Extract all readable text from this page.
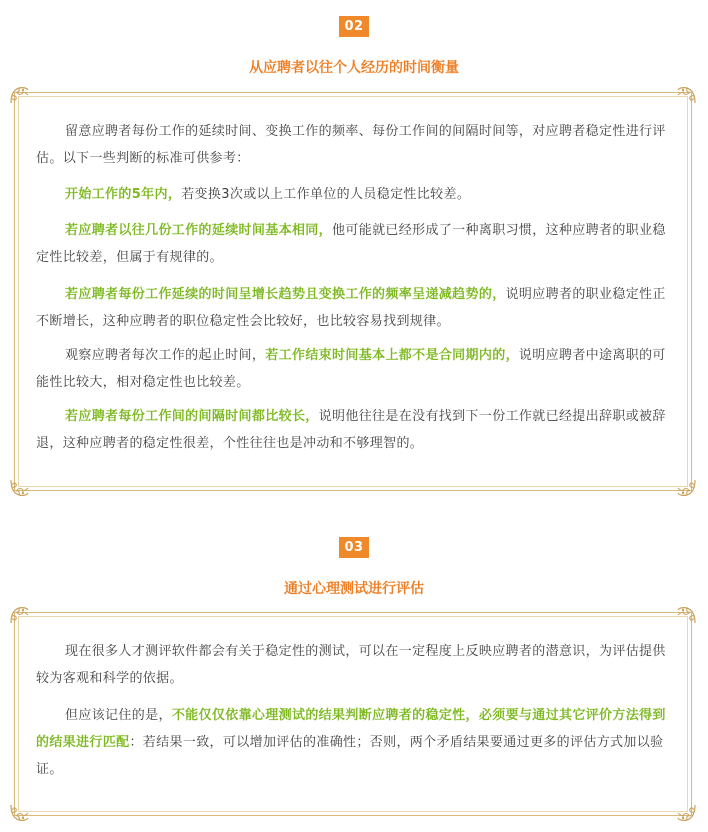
02
从应聘者以往个人经历的时间衡量
留意应聘者每份工作的延续时间、变换工作的频率、每份工作间的间隔时间等，对应聘者稳定性进行评估。以下一些判断的标准可供参考：
开始工作的5年内，若变换3次或以上工作单位的人员稳定性比较差。
若应聘者以往几份工作的延续时间基本相同，他可能就已经形成了一种离职习惯，这种应聘者的职业稳定性比较差，但属于有规律的。
若应聘者每份工作延续的时间呈增长趋势且变换工作的频率呈递减趋势的，说明应聘者的职业稳定性正不断增长，这种应聘者的职位稳定性会比较好，也比较容易找到规律。
观察应聘者每次工作的起止时间，若工作结束时间基本上都不是合同期内的，说明应聘者中途离职的可能性比较大，相对稳定性也比较差。
若应聘者每份工作间的间隔时间都比较长，说明他往往是在没有找到下一份工作就已经提出辞职或被辞退，这种应聘者的稳定性很差，个性往往也是冲动和不够理智的。
03
通过心理测试进行评估
现在很多人才测评软件都会有关于稳定性的测试，可以在一定程度上反映应聘者的潜意识，为评估提供较为客观和科学的依据。
但应该记住的是，不能仅仅依靠心理测试的结果判断应聘者的稳定性，必须要与通过其它评价方法得到的结果进行匹配：若结果一致，可以增加评估的准确性；否则，两个矛盾结果要通过更多的评估方式加以验证。
